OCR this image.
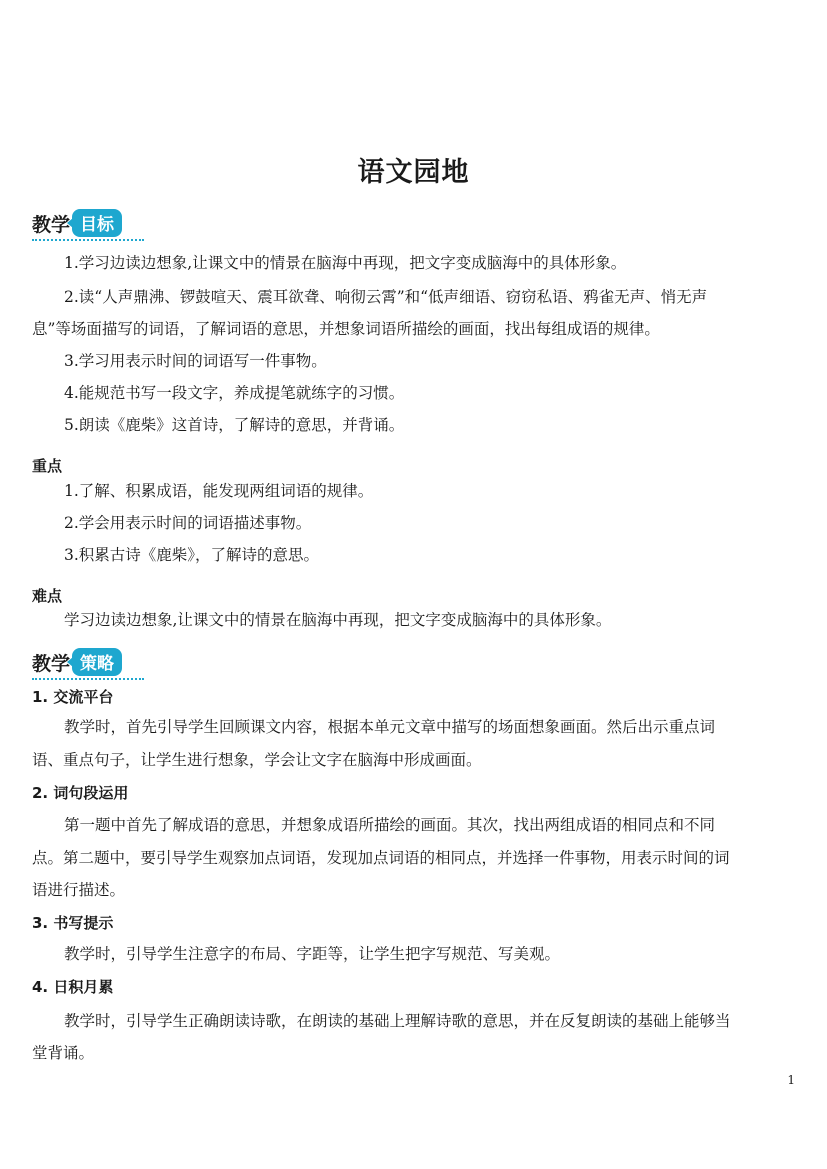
语文园地
教学 目标
1.学习边读边想象,让课文中的情景在脑海中再现，把文字变成脑海中的具体形象。
2.读“人声鼎沸、锣鼓喧天、震耳欲聋、响彻云霄”和“低声细语、窃窃私语、鸦雀无声、悄无声
息”等场面描写的词语，了解词语的意思，并想象词语所描绘的画面，找出每组成语的规律。
3.学习用表示时间的词语写一件事物。
4.能规范书写一段文字，养成提笔就练字的习惯。
5.朗读《鹿柴》这首诗，了解诗的意思，并背诵。
重点
1.了解、积累成语，能发现两组词语的规律。
2.学会用表示时间的词语描述事物。
3.积累古诗《鹿柴》，了解诗的意思。
难点
学习边读边想象,让课文中的情景在脑海中再现，把文字变成脑海中的具体形象。
教学 策略
1. 交流平台
教学时，首先引导学生回顾课文内容，根据本单元文章中描写的场面想象画面。然后出示重点词
语、重点句子，让学生进行想象，学会让文字在脑海中形成画面。
2. 词句段运用
第一题中首先了解成语的意思，并想象成语所描绘的画面。其次，找出两组成语的相同点和不同
点。第二题中，要引导学生观察加点词语，发现加点词语的相同点，并选择一件事物，用表示时间的词
语进行描述。
3. 书写提示
教学时，引导学生注意字的布局、字距等，让学生把字写规范、写美观。
4. 日积月累
教学时，引导学生正确朗读诗歌，在朗读的基础上理解诗歌的意思，并在反复朗读的基础上能够当
堂背诵。
1
